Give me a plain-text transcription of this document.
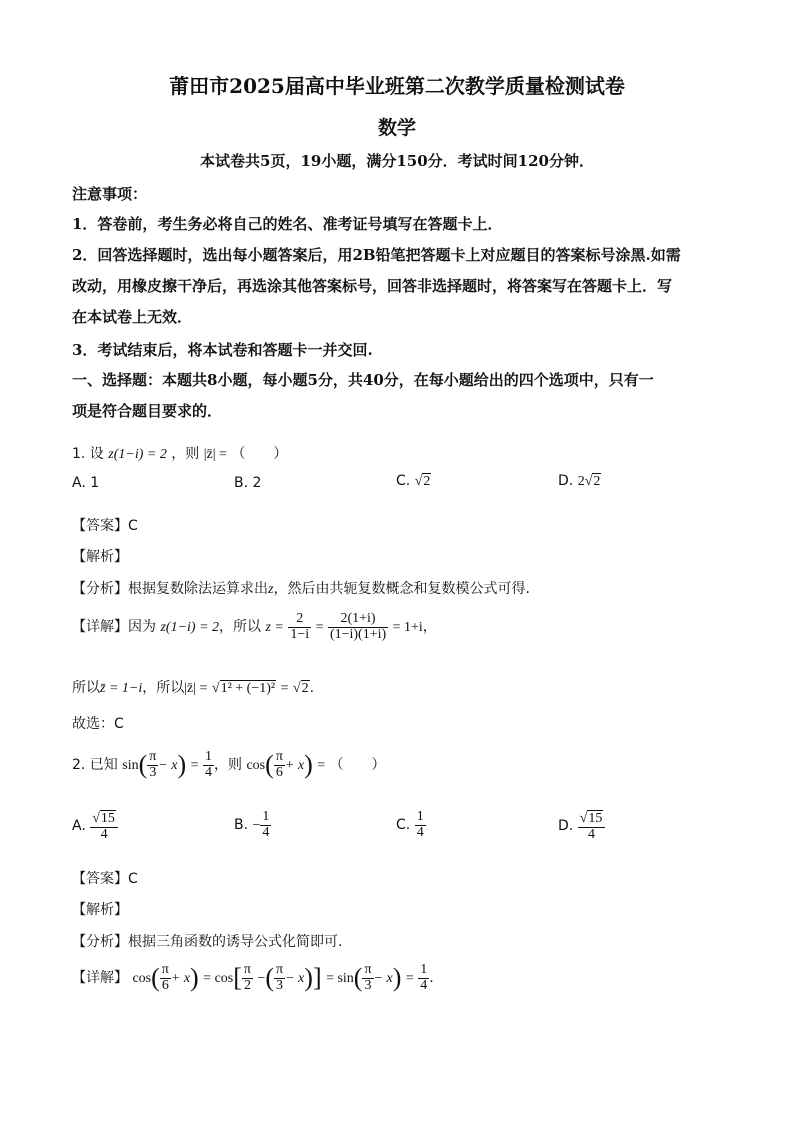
莆田市2025届高中毕业班第二次教学质量检测试卷
数学
本试卷共5页，19小题，满分150分．考试时间120分钟．
注意事项：
1．答卷前，考生务必将自己的姓名、准考证号填写在答题卡上．
2．回答选择题时，选出每小题答案后，用2B铅笔把答题卡上对应题目的答案标号涂黑.如需
改动，用橡皮擦干净后，再选涂其他答案标号，回答非选择题时，将答案写在答题卡上．写
在本试卷上无效．
3．考试结束后，将本试卷和答题卡一并交回.
一、选择题：本题共8小题，每小题5分，共40分，在每小题给出的四个选项中，只有一
项是符合题目要求的．
1. 设 z(1−i) = 2 ，则 |z̄| = （　　）
A. 1	B. 2	C. √2	D. 2√2
【答案】C
【解析】
【分析】根据复数除法运算求出z，然后由共轭复数概念和复数模公式可得.
【详解】因为 z(1−i) = 2，所以 $z = \frac{2}{1-i} = \frac{2(1+i)}{(1-i)(1+i)} = 1+i$，
所以z̄ = 1−i，所以|z̄| = √1² + (−1)² = √2.
故选：C
2. 已知 $\sin( \frac{\pi}{3} - x) = \frac{1}{4}$ ，则 $\cos( \frac{\pi}{6} + x)$ = （　　）
A. $\frac{√15}{4}$	B. − $\frac{1}{4}$	C. $\frac{1}{4}$	D. $\frac{√15}{4}$
【答案】C
【解析】
【分析】根据三角函数的诱导公式化简即可.
【详解】 $\cos( \frac{\pi}{6} + x) = \cos[ \frac{\pi}{2}$ −( $\frac{\pi}{3} - x)] = \sin( \frac{\pi}{3} - x) = \frac{1}{4}$ .
